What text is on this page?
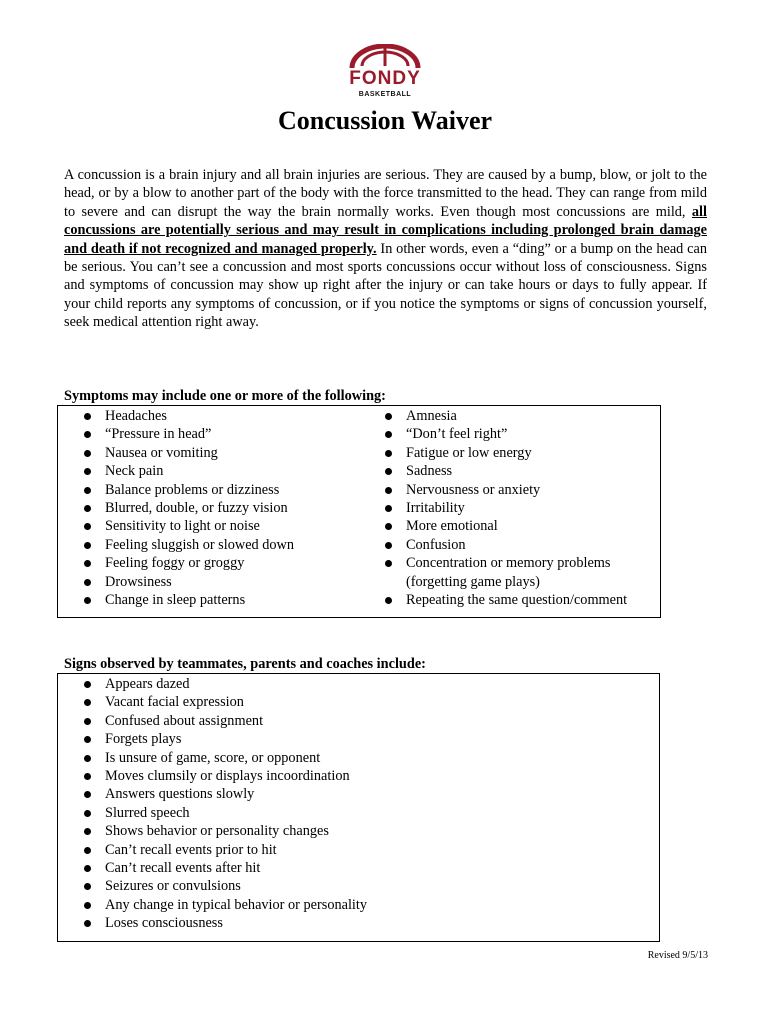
FONDY
BASKETBALL
Concussion Waiver

A concussion is a brain injury and all brain injuries are serious. They are caused by a bump, blow, or jolt to the head, or by a blow to another part of the body with the force transmitted to the head. They can range from mild to severe and can disrupt the way the brain normally works. Even though most concussions are mild, all concussions are potentially serious and may result in complications including prolonged brain damage and death if not recognized and managed properly. In other words, even a “ding” or a bump on the head can be serious. You can’t see a concussion and most sports concussions occur without loss of consciousness. Signs and symptoms of concussion may show up right after the injury or can take hours or days to fully appear. If your child reports any symptoms of concussion, or if you notice the symptoms or signs of concussion yourself, seek medical attention right away.

Symptoms may include one or more of the following:
Headaches
“Pressure in head”
Nausea or vomiting
Neck pain
Balance problems or dizziness
Blurred, double, or fuzzy vision
Sensitivity to light or noise
Feeling sluggish or slowed down
Feeling foggy or groggy
Drowsiness
Change in sleep patterns
Amnesia
“Don’t feel right”
Fatigue or low energy
Sadness
Nervousness or anxiety
Irritability
More emotional
Confusion
Concentration or memory problems
(forgetting game plays)
Repeating the same question/comment
Signs observed by teammates, parents and coaches include:
Appears dazed
Vacant facial expression
Confused about assignment
Forgets plays
Is unsure of game, score, or opponent
Moves clumsily or displays incoordination
Answers questions slowly
Slurred speech
Shows behavior or personality changes
Can’t recall events prior to hit
Can’t recall events after hit
Seizures or convulsions
Any change in typical behavior or personality
Loses consciousness
Revised 9/5/13
